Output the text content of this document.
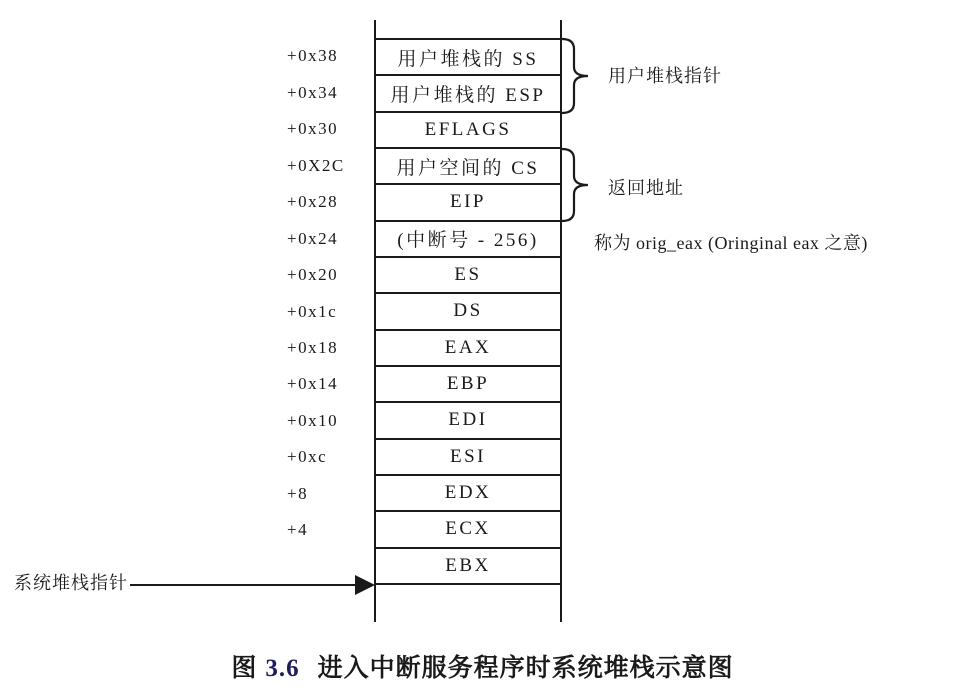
+0x38
+0x34
+0x30
+0X2C
+0x28
+0x24
+0x20
+0x1c
+0x18
+0x14
+0x10
+0xc
+8
+4
用户堆栈的 SS
用户堆栈的 ESP
EFLAGS
用户空间的 CS
EIP
(中断号 - 256)
ES
DS
EAX
EBP
EDI
ESI
EDX
ECX
EBX
用户堆栈指针
返回地址
称为 orig_eax (Oringinal eax 之意)
系统堆栈指针
图 3.6 进入中断服务程序时系统堆栈示意图
